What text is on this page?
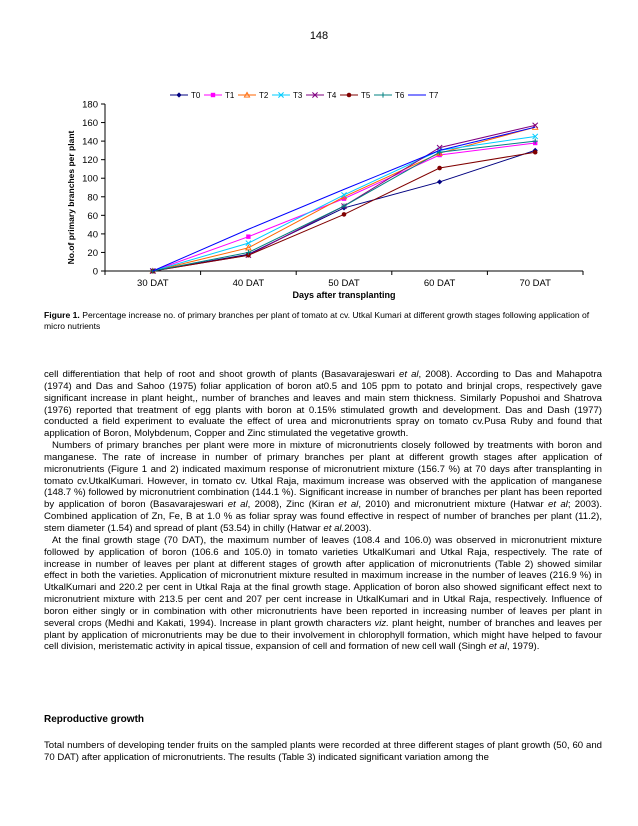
148
0
20
40
60
80
100
120
140
160
180
30 DAT	40 DAT	50 DAT	60 DAT	70 DAT
Days after transplanting
No.of primary branches per plant
T0	T1	T2	T3	T4	T5	T6	T7
Figure 1. Percentage increase no. of primary branches per plant of tomato at cv. Utkal Kumari at different growth stages following application of micro nutrients

cell differentiation that help of root and shoot growth of plants (Basavarajeswari et al, 2008). According to Das and Mahapotra (1974) and Das and Sahoo (1975) foliar application of boron at0.5 and 105 ppm to potato and brinjal crops, respectively gave significant increase in plant height,, number of branches and leaves and main stem thickness. Similarly Popushoi and Shatrova (1976) reported that treatment of egg plants with boron at 0.15% stimulated growth and development. Das and Dash (1977) conducted a field experiment to evaluate the effect of urea and micronutrients spray on tomato cv.Pusa Ruby and found that application of Boron, Molybdenum, Copper and Zinc stimulated the vegetative growth.

Numbers of primary branches per plant were more in mixture of micronutrients closely followed by treatments with boron and manganese. The rate of increase in number of primary branches per plant at different growth stages after application of micronutrients (Figure 1 and 2) indicated maximum response of micronutrient mixture (156.7 %) at 70 days after transplanting in tomato cv.UtkalKumari. However, in tomato cv. Utkal Raja, maximum increase was observed with the application of manganese (148.7 %) followed by micronutrient combination (144.1 %). Significant increase in number of branches per plant has been reported by application of boron (Basavarajeswari et al, 2008), Zinc (Kiran et al, 2010) and micronutrient mixture (Hatwar et al; 2003). Combined application of Zn, Fe, B at 1.0 % as foliar spray was found effective in respect of number of branches per plant (11.2), stem diameter (1.54) and spread of plant (53.54) in chilly (Hatwar et al.2003).

At the final growth stage (70 DAT), the maximum number of leaves (108.4 and 106.0) was observed in micronutrient mixture followed by application of boron (106.6 and 105.0) in tomato varieties UtkalKumari and Utkal Raja, respectively. The rate of increase in number of leaves per plant at different stages of growth after application of micronutrients (Table 2) showed similar effect in both the varieties. Application of micronutrient mixture resulted in maximum increase in the number of leaves (216.9 %) in UtkalKumari and 220.2 per cent in Utkal Raja at the final growth stage. Application of boron also showed significant effect next to micronutrient mixture with 213.5 per cent and 207 per cent increase in UtkalKumari and in Utkal Raja, respectively. Influence of boron either singly or in combination with other micronutrients have been reported in increasing number of leaves per plant in several crops (Medhi and Kakati, 1994). Increase in plant growth characters viz. plant height, number of branches and leaves per plant by application of micronutrients may be due to their involvement in chlorophyll formation, which might have helped to favour cell division, meristematic activity in apical tissue, expansion of cell and formation of new cell wall (Singh et al, 1979).

Reproductive growth
Total numbers of developing tender fruits on the sampled plants were recorded at three different stages of plant growth (50, 60 and 70 DAT) after application of micronutrients. The results (Table 3) indicated significant variation among the
